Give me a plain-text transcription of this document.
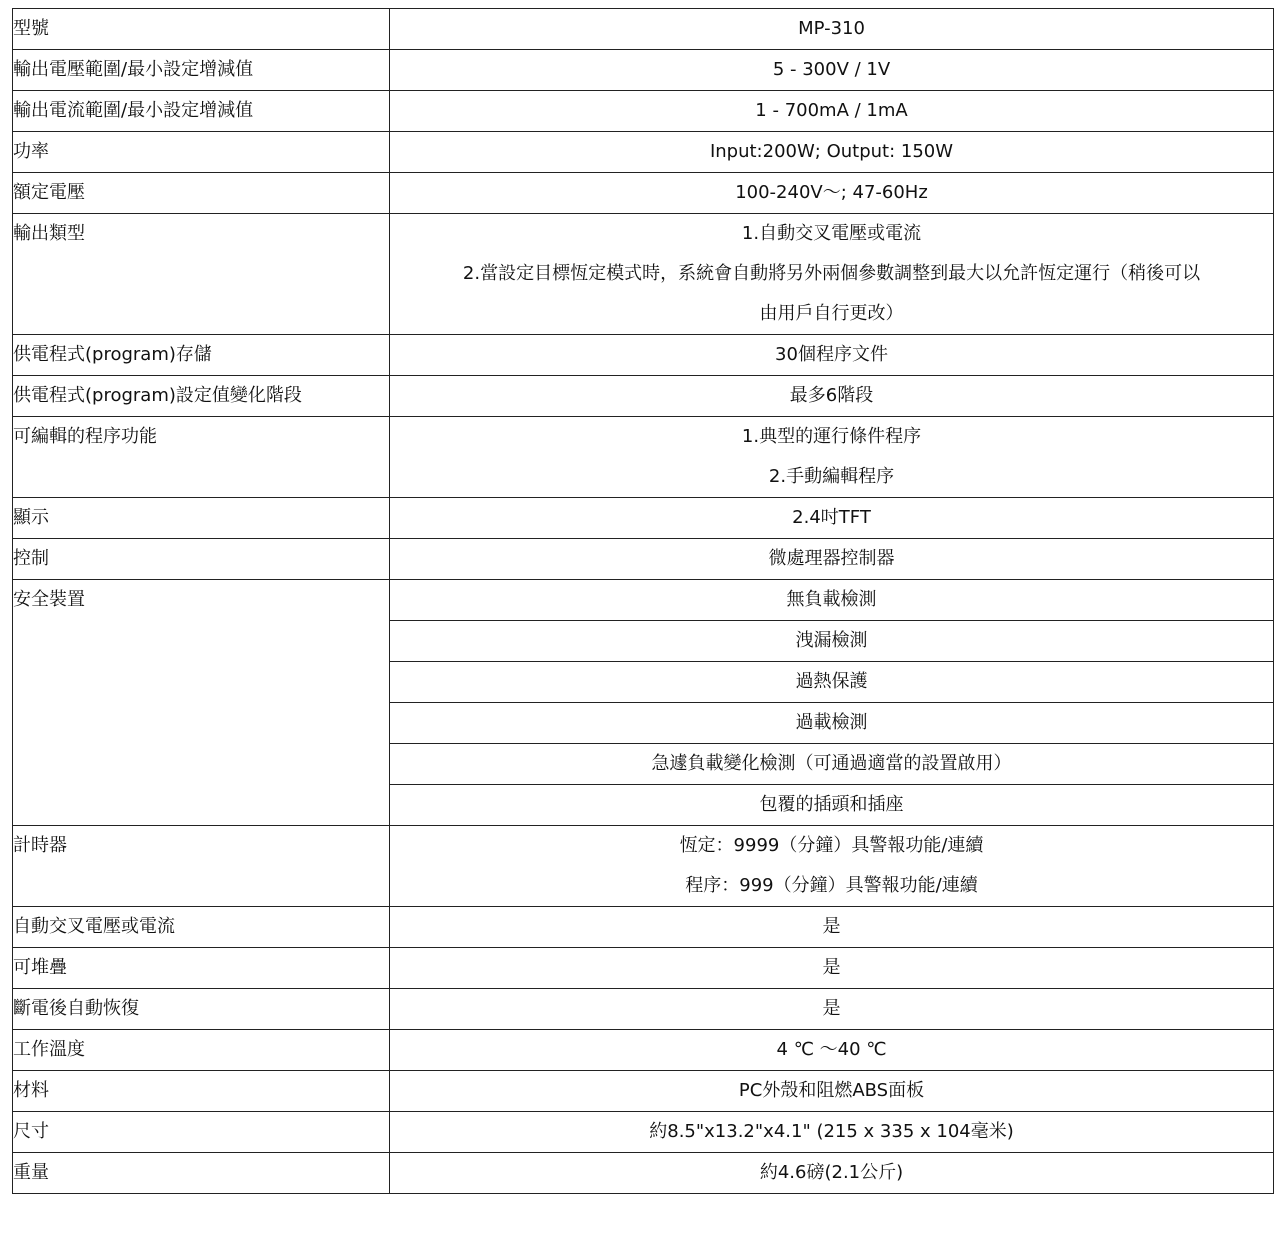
型號	MP-310
輸出電壓範圍/最小設定增減值	5 - 300V / 1V
輸出電流範圍/最小設定增減值	1 - 700mA / 1mA
功率	Input:200W; Output: 150W
額定電壓	100-240V～; 47-60Hz
輸出類型	1.自動交叉電壓或電流
2.當設定目標恆定模式時，系統會自動將另外兩個參數調整到最大以允許恆定運行（稍後可以
由用戶自行更改）

供電程式(program)存儲	30個程序文件
供電程式(program)設定值變化階段	最多6階段
可編輯的程序功能	1.典型的運行條件程序
2.手動編輯程序

顯示	2.4吋TFT
控制	微處理器控制器
安全裝置	無負載檢測
	洩漏檢測
	過熱保護
	過載檢測
	急遽負載變化檢測（可通過適當的設置啟用）
	包覆的插頭和插座
計時器	恆定：9999（分鐘）具警報功能/連續
程序：999（分鐘）具警報功能/連續

自動交叉電壓或電流	是
可堆疊	是
斷電後自動恢復	是
工作溫度	4 ℃ ～40 ℃
材料	PC外殼和阻燃ABS面板
尺寸	約8.5"x13.2"x4.1" (215 x 335 x 104毫米)
重量	約4.6磅(2.1公斤)
